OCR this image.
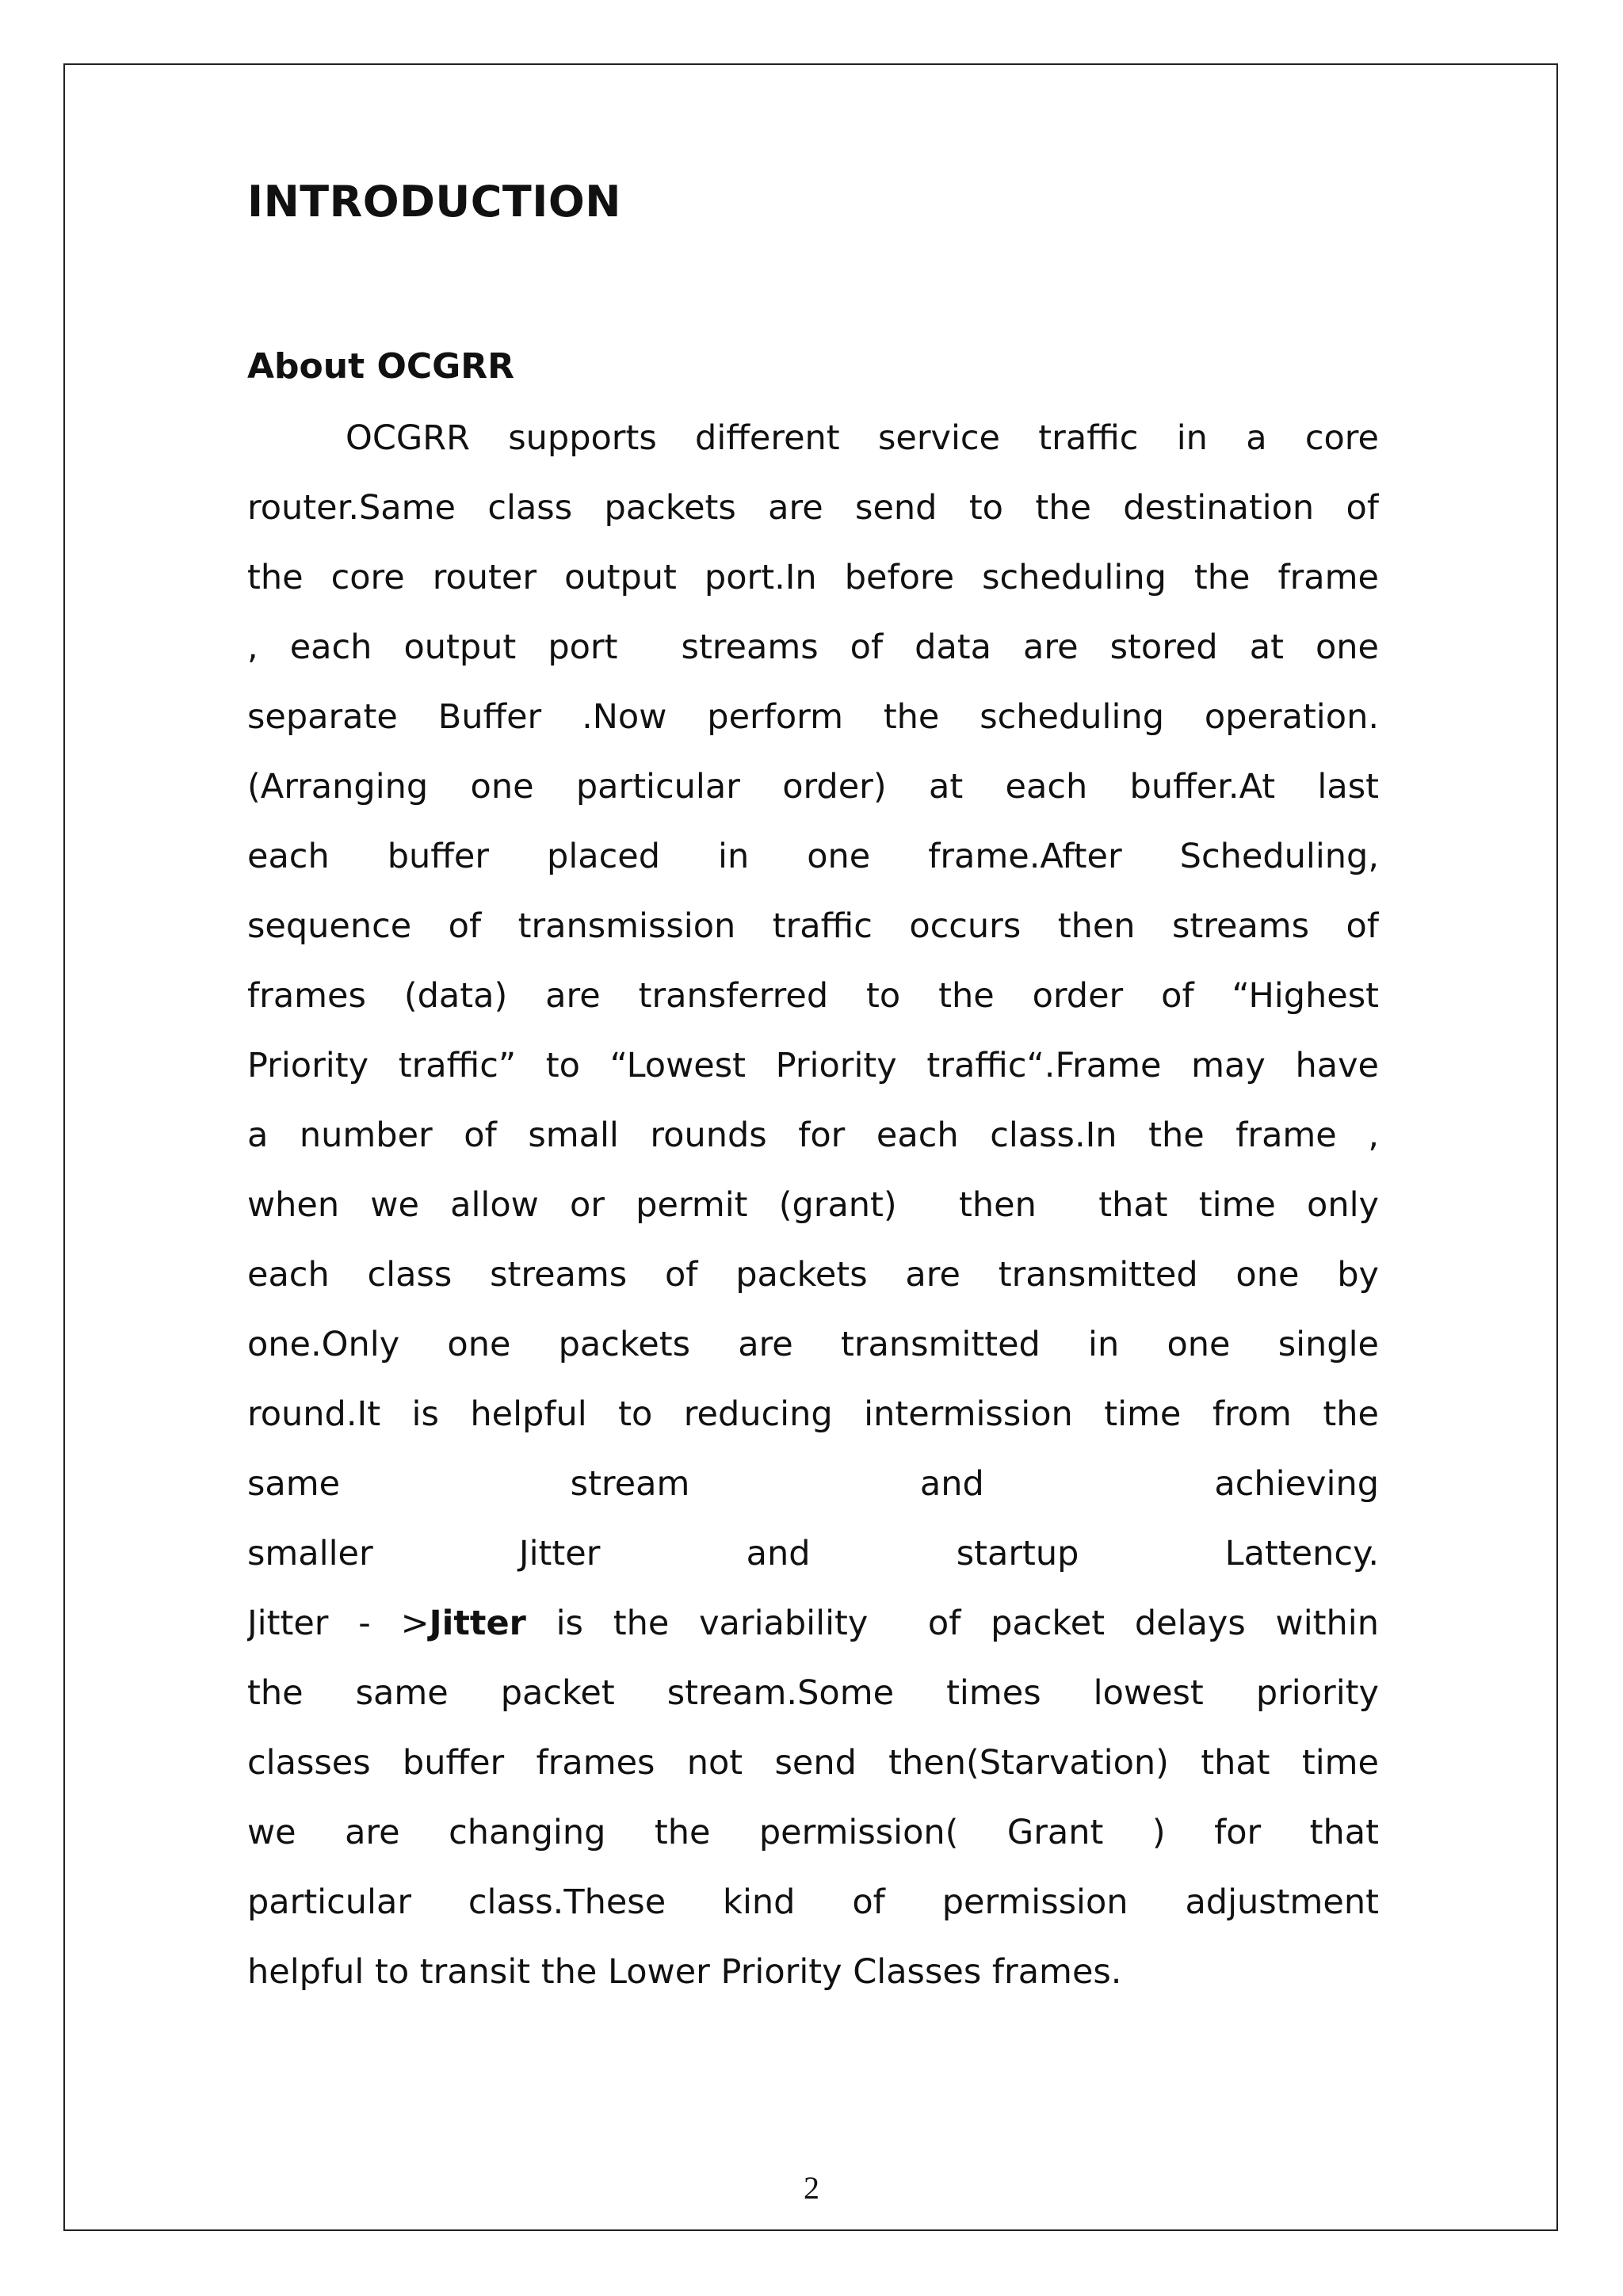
INTRODUCTION
About OCGRR
OCGRR supports different service traffic in a core
router.Same class packets are send to the destination of
the core router output port.In before scheduling the frame
, each output port  streams of data are stored at one
separate Buffer .Now perform the scheduling operation.
(Arranging one particular order) at each buffer.At last
each buffer placed in one frame.After Scheduling,
sequence of transmission traffic occurs then streams of
frames (data) are transferred to the order of “Highest
Priority traffic” to “Lowest Priority traffic“.Frame may have
a number of small rounds for each class.In the frame ,
when we allow or permit (grant)  then  that time only
each class streams of packets are transmitted one by
one.Only one packets are transmitted in one single
round.It is helpful to reducing intermission time from the
same stream and achieving
smaller Jitter and startup Lattency.
Jitter - >Jitter is the variability  of packet delays within
the same packet stream.Some times lowest priority
classes buffer frames not send then(Starvation) that time
we are changing the permission( Grant ) for that
particular class.These kind of permission adjustment
helpful to transit the Lower Priority Classes frames.
2
